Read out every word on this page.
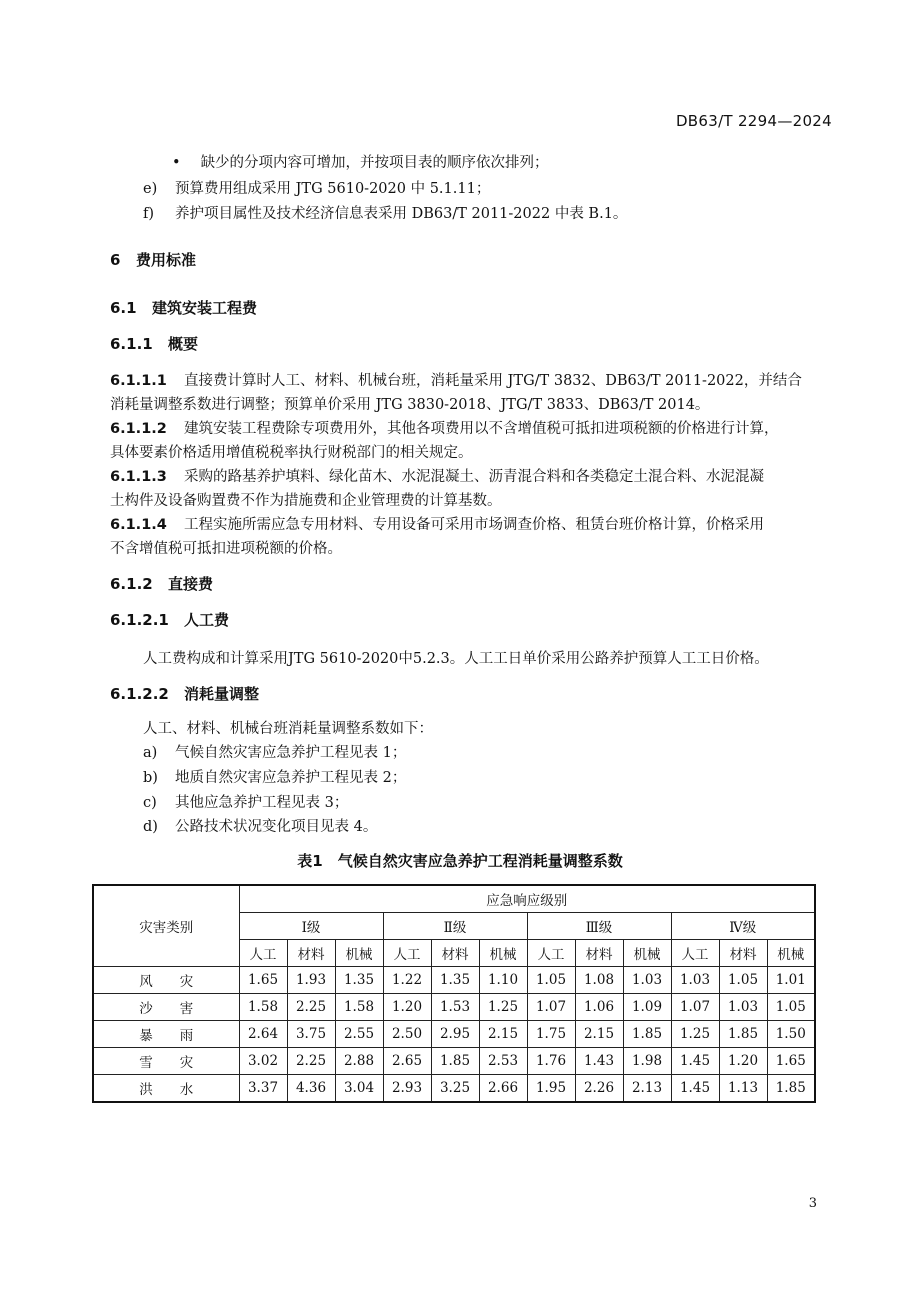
DB63/T 2294—2024
• 缺少的分项内容可增加，并按项目表的顺序依次排列；
e) 预算费用组成采用 JTG 5610-2020 中 5.1.11；
f) 养护项目属性及技术经济信息表采用 DB63/T 2011-2022 中表 B.1。
6 费用标准
6.1 建筑安装工程费
6.1.1 概要
6.1.1.1 直接费计算时人工、材料、机械台班，消耗量采用 JTG/T 3832、DB63/T 2011-2022，并结合
消耗量调整系数进行调整；预算单价采用 JTG 3830-2018、JTG/T 3833、DB63/T 2014。
6.1.1.2 建筑安装工程费除专项费用外，其他各项费用以不含增值税可抵扣进项税额的价格进行计算，
具体要素价格适用增值税税率执行财税部门的相关规定。
6.1.1.3 采购的路基养护填料、绿化苗木、水泥混凝土、沥青混合料和各类稳定土混合料、水泥混凝
土构件及设备购置费不作为措施费和企业管理费的计算基数。
6.1.1.4 工程实施所需应急专用材料、专用设备可采用市场调查价格、租赁台班价格计算，价格采用
不含增值税可抵扣进项税额的价格。
6.1.2 直接费
6.1.2.1 人工费
人工费构成和计算采用JTG 5610-2020中5.2.3。人工工日单价采用公路养护预算人工工日价格。
6.1.2.2 消耗量调整
人工、材料、机械台班消耗量调整系数如下：
a) 气候自然灾害应急养护工程见表 1；
b) 地质自然灾害应急养护工程见表 2；
c) 其他应急养护工程见表 3；
d) 公路技术状况变化项目见表 4。
表1　气候自然灾害应急养护工程消耗量调整系数
灾害类别	应急响应级别											
	Ⅰ级			Ⅱ级			Ⅲ级			Ⅳ级		
	人工	材料	机械	人工	材料	机械	人工	材料	机械	人工	材料	机械
风　　灾	1.65	1.93	1.35	1.22	1.35	1.10	1.05	1.08	1.03	1.03	1.05	1.01
沙　　害	1.58	2.25	1.58	1.20	1.53	1.25	1.07	1.06	1.09	1.07	1.03	1.05
暴　　雨	2.64	3.75	2.55	2.50	2.95	2.15	1.75	2.15	1.85	1.25	1.85	1.50
雪　　灾	3.02	2.25	2.88	2.65	1.85	2.53	1.76	1.43	1.98	1.45	1.20	1.65
洪　　水	3.37	4.36	3.04	2.93	3.25	2.66	1.95	2.26	2.13	1.45	1.13	1.85
3
